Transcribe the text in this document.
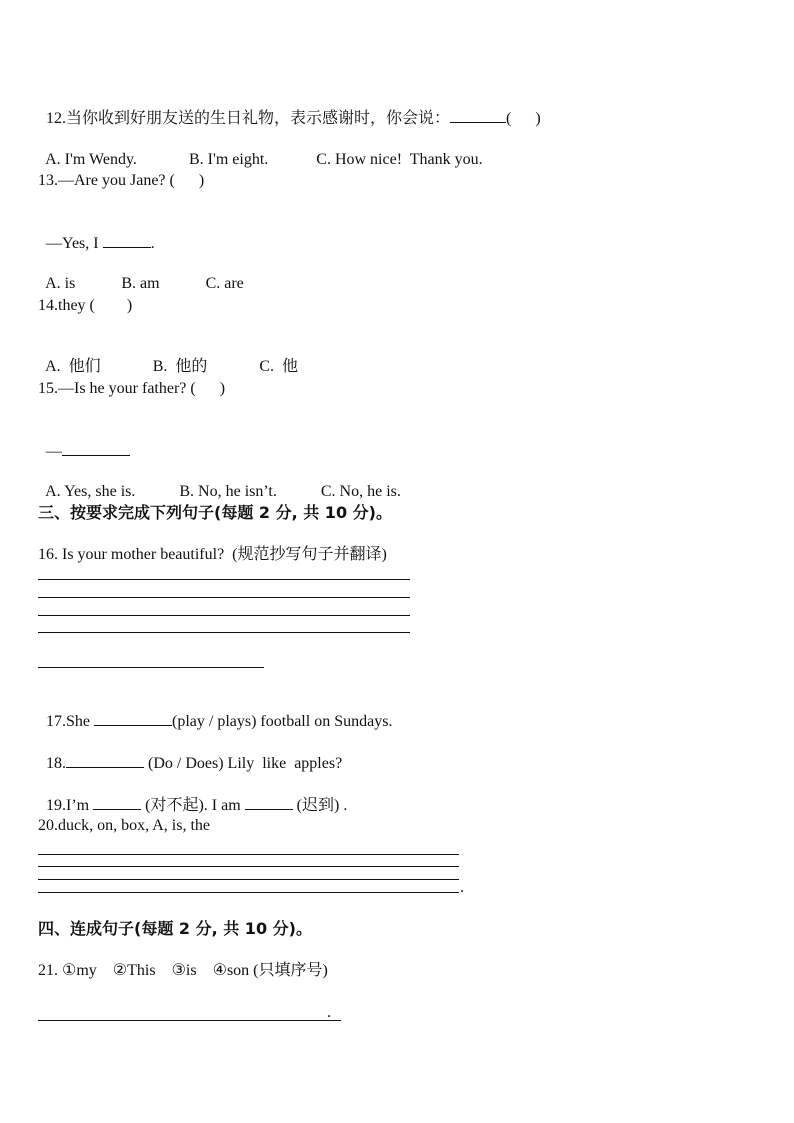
12.当你收到好朋友送的生日礼物，表示感谢时，你会说：	(      )

A. I'm Wendy.	B. I'm eight.	C. How nice!  Thank you.

13.—Are you Jane? (      )

—Yes, I	.

A. is	B. am	C. are

14.they (        )

A.  他们	B.  他的	C.  他

15.—Is he your father? (      )

—

A. Yes, she is.	B. No, he isn’t.	C. No, he is.

三、按要求完成下列句子(每题 2 分, 共 10 分)。
16. Is your mother beautiful?  (规范抄写句子并翻译)

17.She	(play / plays) football on Sundays.

18.	(Do / Does) Lily  like  apples?

19.I’m	(对不起). I am	(迟到) .

20.duck, on, box, A, is, the
.
四、连成句子(每题 2 分, 共 10 分)。
21. ①my    ②This    ③is    ④son (只填序号)
.
